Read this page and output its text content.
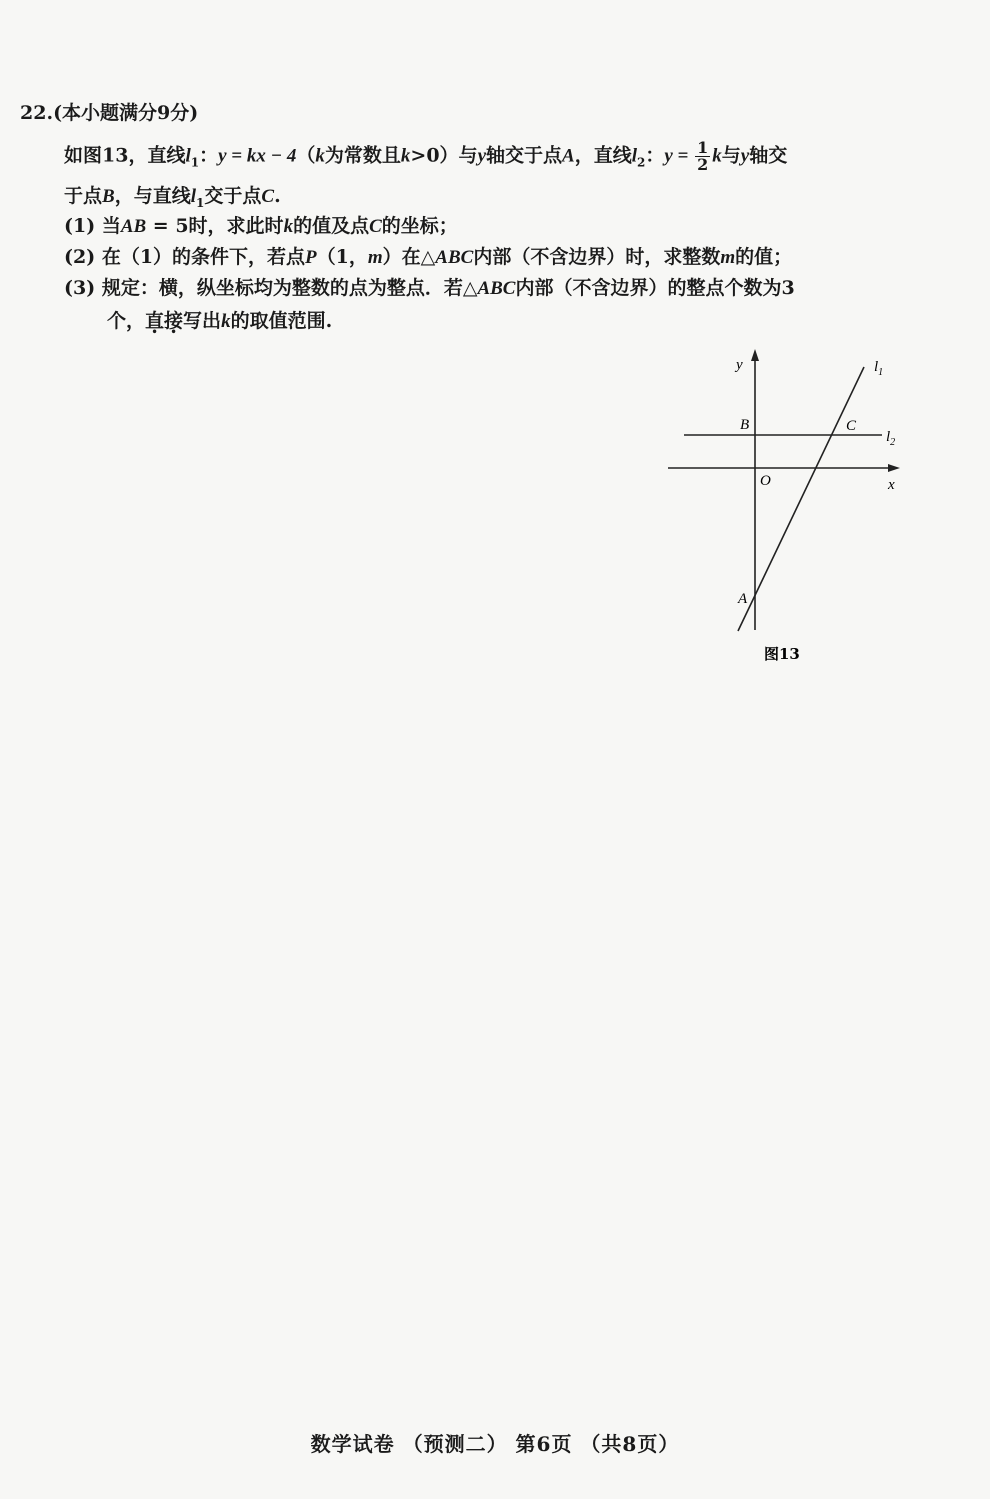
22.(本小题满分9分)
如图13，直线$l_1$：y = kx − 4（k为常数且k>0）与y轴交于点A，直线$l_2$：$y = \frac{1}{2}$ k与y轴交
于点B，与直线$l_1$交于点C.
(1) 当AB = 5时，求此时k的值及点C的坐标；
(2) 在（1）的条件下，若点P（1，m）在△ABC内部（不含边界）时，求整数m的值；
(3) 规定：横，纵坐标均为整数的点为整点．若△ABC内部（不含边界）的整点个数为3
个，直接写出k的取值范围.
y
x
O
B	C
A
$l_1$
$l_2$
图13
数学试卷 （预测二） 第6页 （共8页）
